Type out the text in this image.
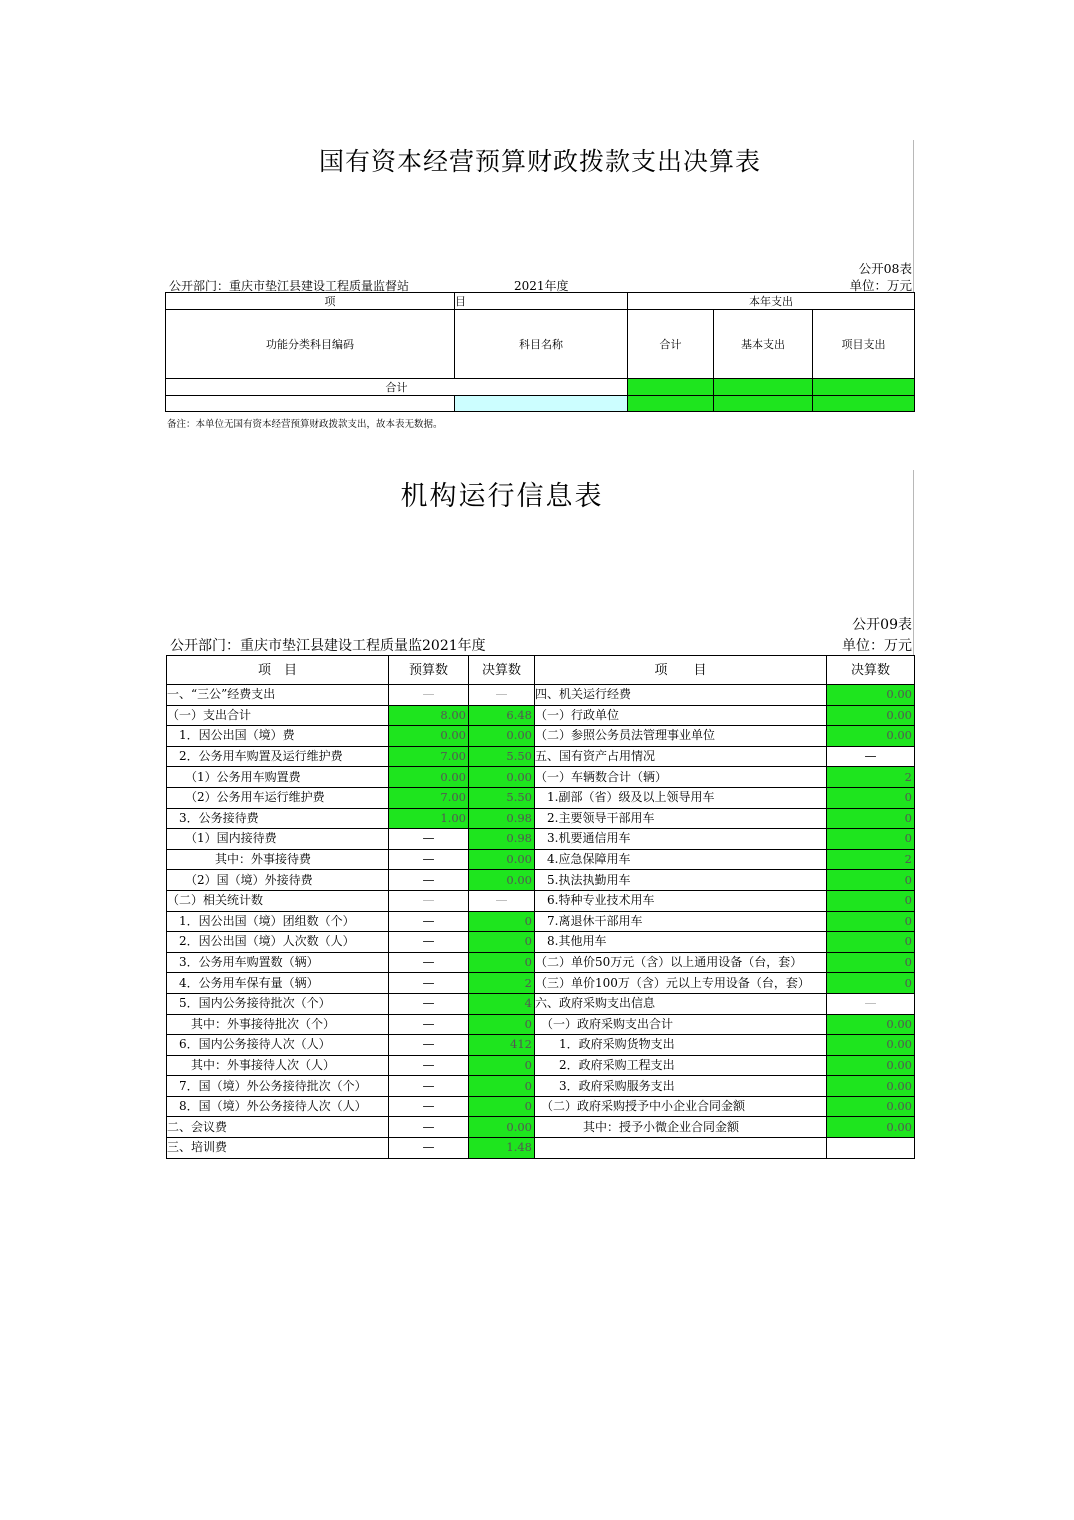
国有资本经营预算财政拨款支出决算表
公开08表
公开部门：重庆市垫江县建设工程质量监督站	2021年度	单位：万元
项	目	本年支出		
功能分类科目编码	科目名称	合计	基本支出	项目支出
合计				

备注：本单位无国有资本经营预算财政拨款支出，故本表无数据。
机构运行信息表
公开09表
公开部门：重庆市垫江县建设工程质量监2021年度	单位：万元
项　目	预算数	决算数	项　　目	决算数
一、“三公”经费支出	—	—	四、机关运行经费	0.00
（一）支出合计	8.00	6.48	（一）行政单位	0.00
　1．因公出国（境）费	0.00	0.00	（二）参照公务员法管理事业单位	0.00
　2．公务用车购置及运行维护费	7.00	5.50	五、国有资产占用情况	—
　　（1）公务用车购置费	0.00	0.00	（一）车辆数合计（辆）	2
　　（2）公务用车运行维护费	7.00	5.50	　1.副部（省）级及以上领导用车	0
　3．公务接待费	1.00	0.98	　2.主要领导干部用车	0
　　（1）国内接待费	—	0.98	　3.机要通信用车	0
　　　　其中：外事接待费	—	0.00	　4.应急保障用车	2
　　（2）国（境）外接待费	—	0.00	　5.执法执勤用车	0
（二）相关统计数	—	—	　6.特种专业技术用车	0
　1．因公出国（境）团组数（个）	—	0	　7.离退休干部用车	0
　2．因公出国（境）人次数（人）	—	0	　8.其他用车	0
　3．公务用车购置数（辆）	—	0	（二）单价50万元（含）以上通用设备（台，套）	0
　4．公务用车保有量（辆）	—	2	（三）单价100万（含）元以上专用设备（台，套）	0
　5．国内公务接待批次（个）	—	4	六、政府采购支出信息	—
　　其中：外事接待批次（个）	—	0	　（一）政府采购支出合计	0.00
　6．国内公务接待人次（人）	—	412	　　1．政府采购货物支出	0.00
　　其中：外事接待人次（人）	—	0	　　2．政府采购工程支出	0.00
　7．国（境）外公务接待批次（个）	—	0	　　3．政府采购服务支出	0.00
　8．国（境）外公务接待人次（人）	—	0	　（二）政府采购授予中小企业合同金额	0.00
二、会议费	—	0.00	　　　　其中：授予小微企业合同金额	0.00
三、培训费	—	1.48		
